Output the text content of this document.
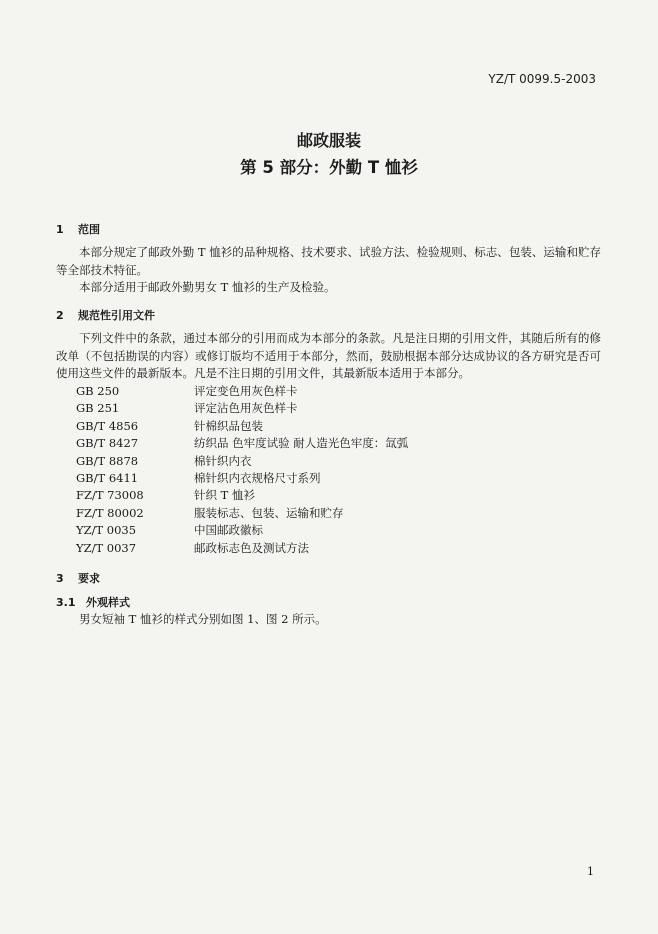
YZ/T 0099.5-2003
邮政服装
第 5 部分：外勤 T 恤衫
1 范围
本部分规定了邮政外勤 T 恤衫的品种规格、技术要求、试验方法、检验规则、标志、包装、运输和贮存等全部技术特征。
本部分适用于邮政外勤男女 T 恤衫的生产及检验。
2 规范性引用文件
下列文件中的条款，通过本部分的引用而成为本部分的条款。凡是注日期的引用文件，其随后所有的修改单（不包括勘误的内容）或修订版均不适用于本部分，然而，鼓励根据本部分达成协议的各方研究是否可使用这些文件的最新版本。凡是不注日期的引用文件，其最新版本适用于本部分。
GB 250	评定变色用灰色样卡
GB 251	评定沾色用灰色样卡
GB/T 4856	针棉织品包装
GB/T 8427	纺织品 色牢度试验 耐人造光色牢度：氙弧
GB/T 8878	棉针织内衣
GB/T 6411	棉针织内衣规格尺寸系列
FZ/T 73008	针织 T 恤衫
FZ/T 80002	服装标志、包装、运输和贮存
YZ/T 0035	中国邮政徽标
YZ/T 0037	邮政标志色及测试方法
3 要求
3.1 外观样式
男女短袖 T 恤衫的样式分别如图 1、图 2 所示。
1
